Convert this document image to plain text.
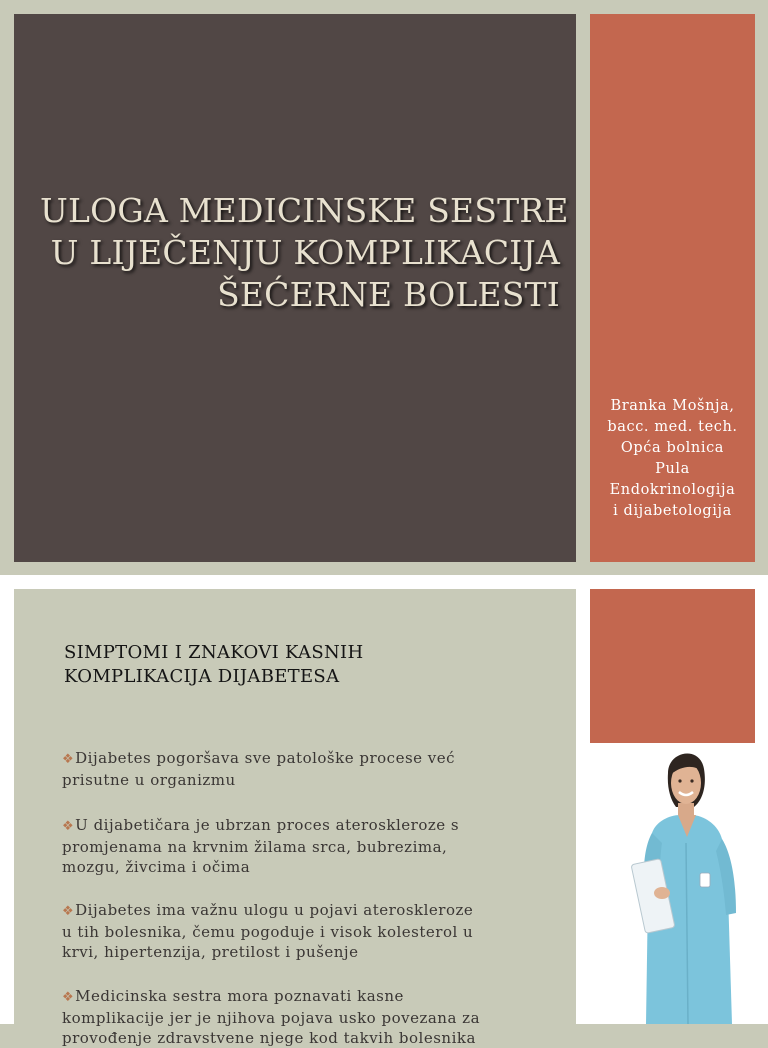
ULOGA MEDICINSKE SESTRE
U LIJEČENJU KOMPLIKACIJA
ŠEĆERNE BOLESTI
Branka Mošnja,
bacc. med. tech.
Opća bolnica
Pula
Endokrinologija
i dijabetologija
SIMPTOMI I ZNAKOVI KASNIH
KOMPLIKACIJA DIJABETESA
❖Dijabetes pogoršava sve patološke procese već
prisutne u organizmu
❖U dijabetičara je ubrzan proces ateroskleroze s
promjenama na krvnim žilama srca, bubrezima,
mozgu, živcima i očima
❖Dijabetes ima važnu ulogu u pojavi ateroskleroze
u tih bolesnika, čemu pogoduje i visok kolesterol u
krvi, hipertenzija, pretilost i pušenje
❖Medicinska sestra mora poznavati kasne
komplikacije jer je njihova pojava usko povezana za
provođenje zdravstvene njege kod takvih bolesnika
